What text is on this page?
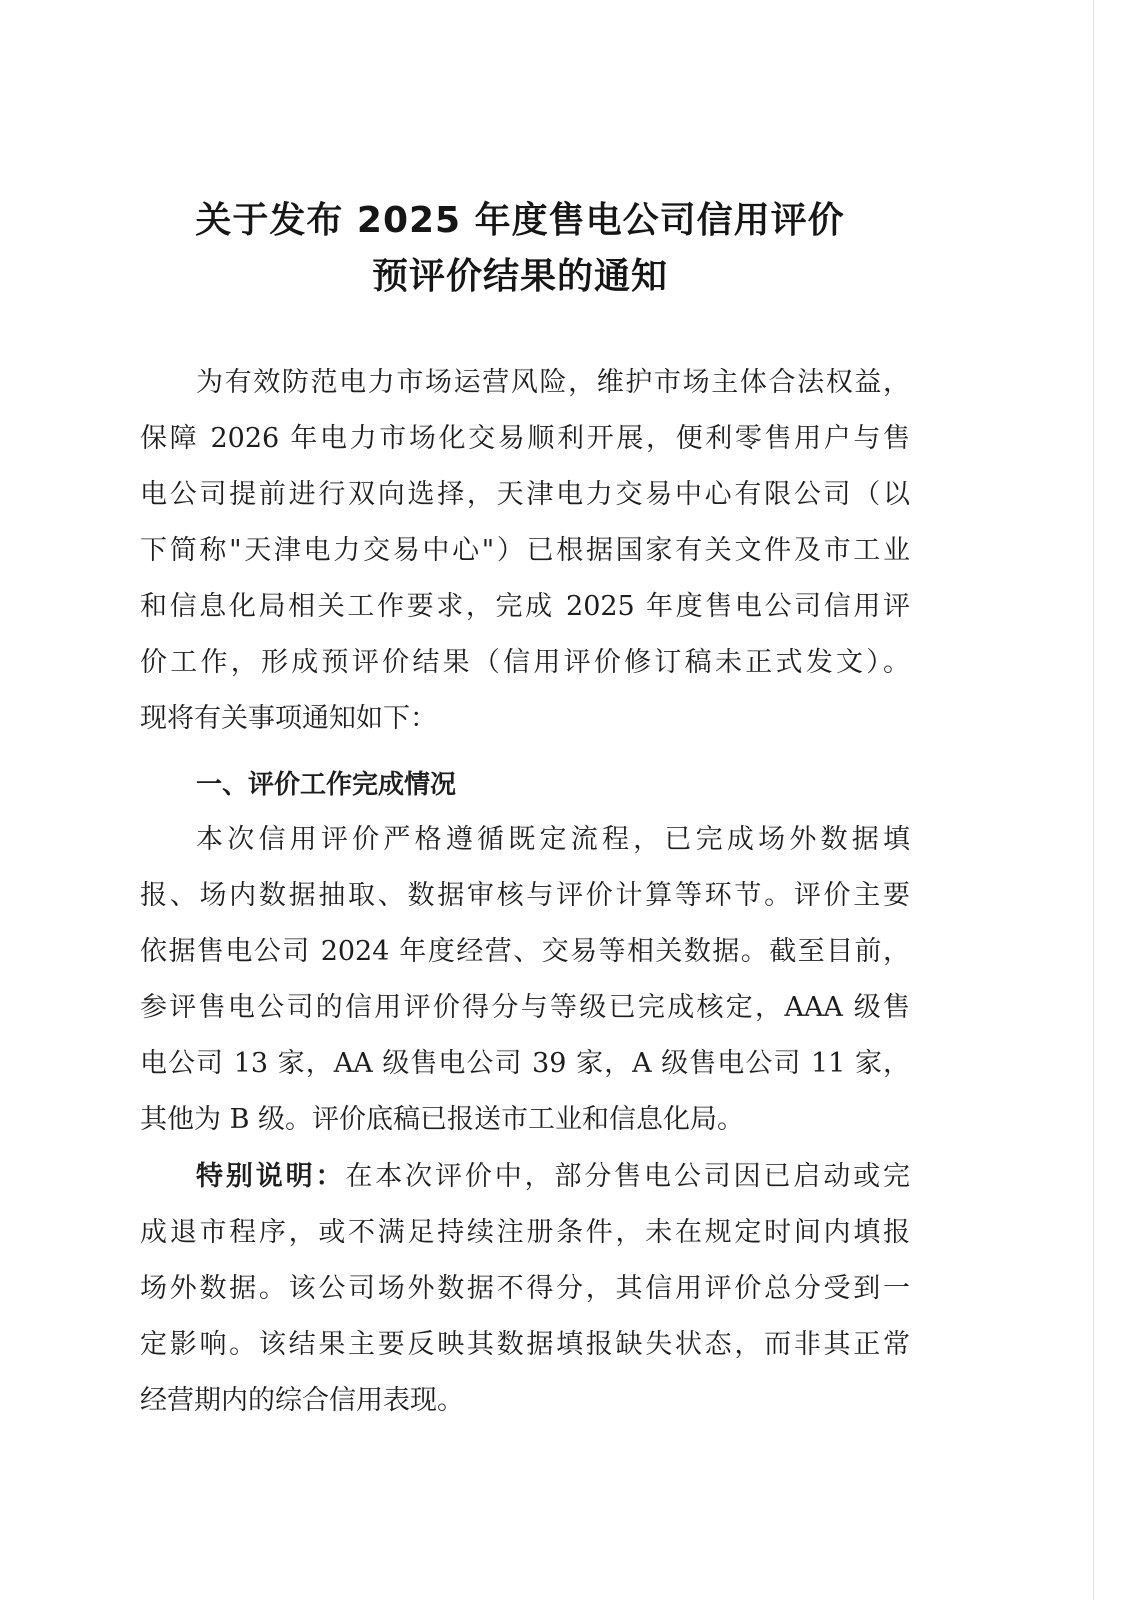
关于发布 2025 年度售电公司信用评价
预评价结果的通知

为有效防范电力市场运营风险，维护市场主体合法权益，

保障 2026 年电力市场化交易顺利开展，便利零售用户与售

电公司提前进行双向选择，天津电力交易中心有限公司（以

下简称"天津电力交易中心"）已根据国家有关文件及市工业

和信息化局相关工作要求，完成 2025 年度售电公司信用评

价工作，形成预评价结果（信用评价修订稿未正式发文）。

现将有关事项通知如下：

一、评价工作完成情况

本次信用评价严格遵循既定流程，已完成场外数据填

报、场内数据抽取、数据审核与评价计算等环节。评价主要

依据售电公司 2024 年度经营、交易等相关数据。截至目前，

参评售电公司的信用评价得分与等级已完成核定，AAA 级售

电公司 13 家，AA 级售电公司 39 家，A 级售电公司 11 家，

其他为 B 级。评价底稿已报送市工业和信息化局。

特别说明：在本次评价中，部分售电公司因已启动或完

成退市程序，或不满足持续注册条件，未在规定时间内填报

场外数据。该公司场外数据不得分，其信用评价总分受到一

定影响。该结果主要反映其数据填报缺失状态，而非其正常

经营期内的综合信用表现。
